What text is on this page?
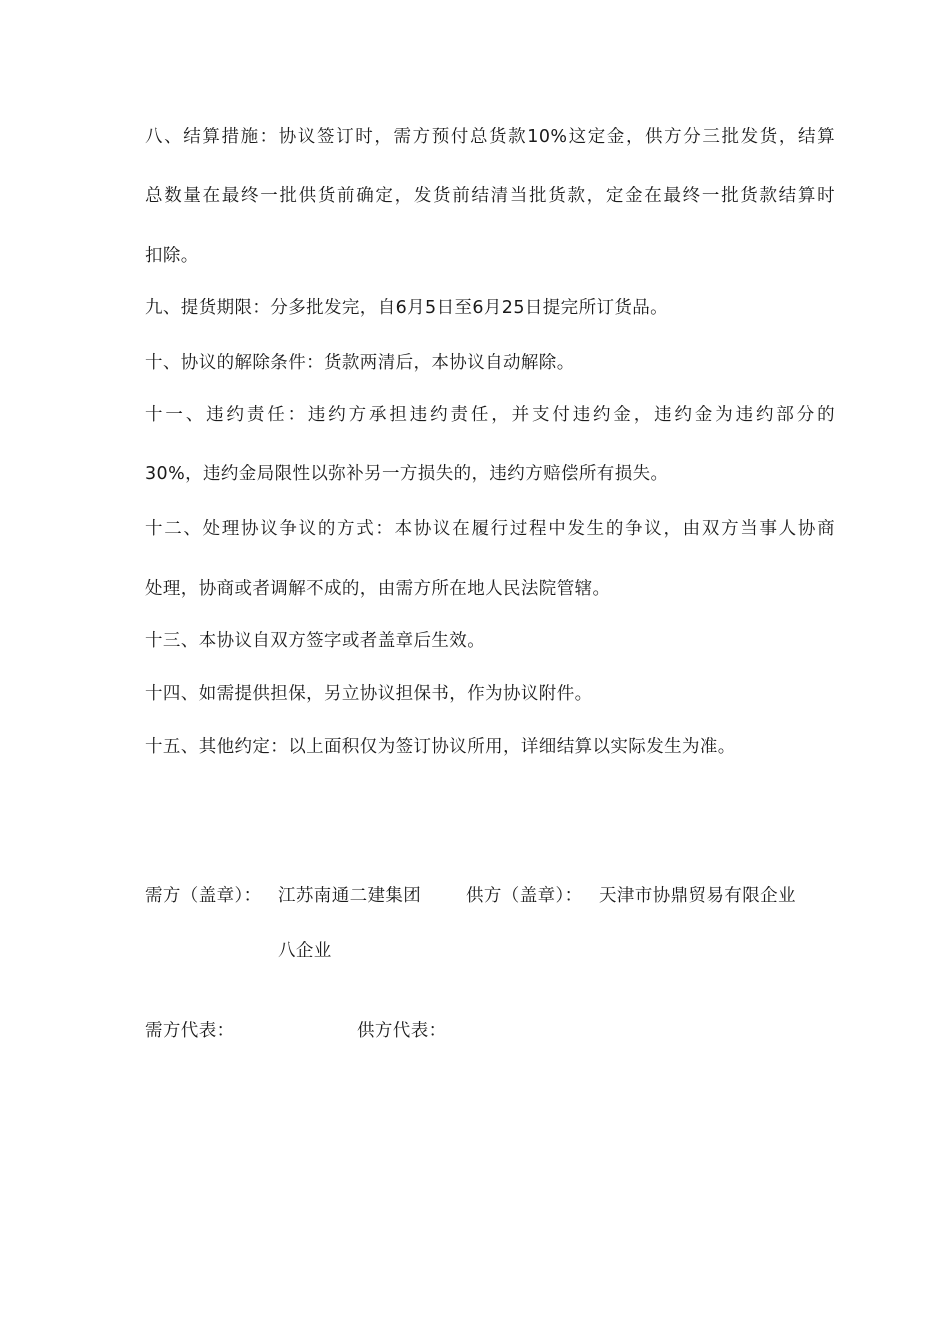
八、结算措施：协议签订时，需方预付总货款10%这定金，供方分三批发货，结算
总数量在最终一批供货前确定，发货前结清当批货款，定金在最终一批货款结算时
扣除。
九、提货期限：分多批发完，自6月5日至6月25日提完所订货品。
十、协议的解除条件：货款两清后，本协议自动解除。
十一、违约责任：违约方承担违约责任，并支付违约金，违约金为违约部分的
30%，违约金局限性以弥补另一方损失的，违约方赔偿所有损失。
十二、处理协议争议的方式：本协议在履行过程中发生的争议，由双方当事人协商
处理，协商或者调解不成的，由需方所在地人民法院管辖。
十三、本协议自双方签字或者盖章后生效。
十四、如需提供担保，另立协议担保书，作为协议附件。
十五、其他约定：以上面积仅为签订协议所用，详细结算以实际发生为准。
需方（盖章）： 江苏南通二建集团	供方（盖章）： 天津市协鼎贸易有限企业
八企业
需方代表：	供方代表：
